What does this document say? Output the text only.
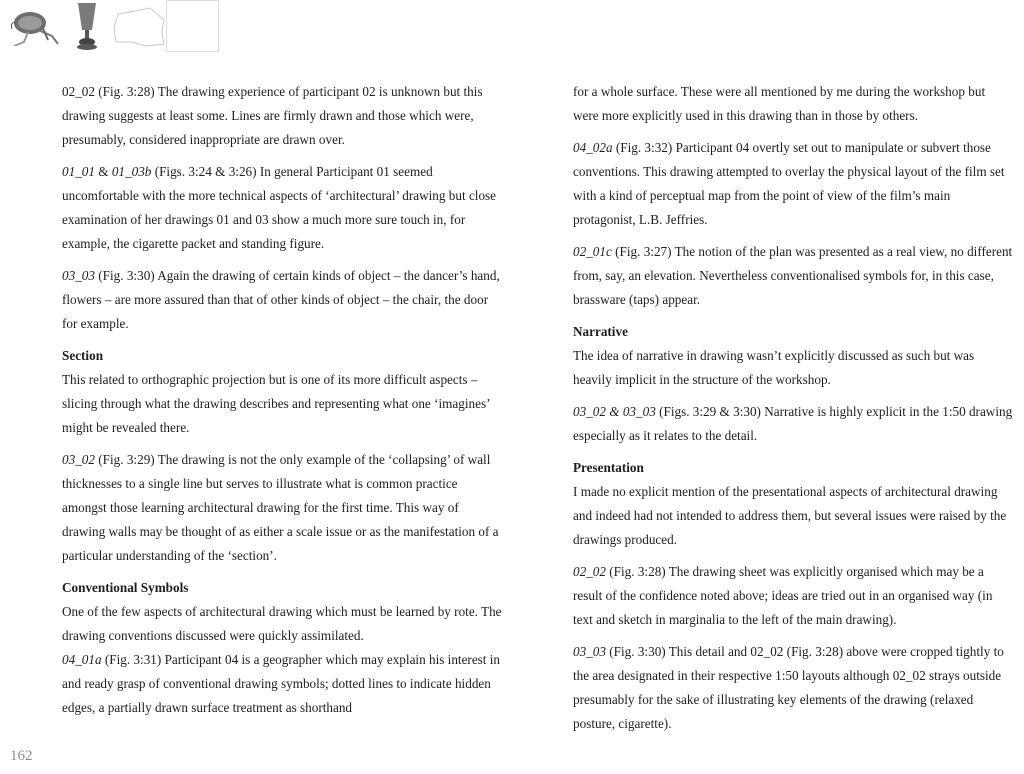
02_02 (Fig. 3:28) The drawing experience of participant 02 is unknown but this drawing suggests at least some. Lines are firmly drawn and those which were, presumably, considered inappropriate are drawn over.

01_01 & 01_03b (Figs. 3:24 & 3:26) In general Participant 01 seemed uncomfortable with the more technical aspects of ‘architectural’ drawing but close examination of her drawings 01 and 03 show a much more sure touch in, for example, the cigarette packet and standing figure.

03_03 (Fig. 3:30) Again the drawing of certain kinds of object – the dancer’s hand, flowers – are more assured than that of other kinds of object – the chair, the door for example.

Section

This related to orthographic projection but is one of its more difficult aspects – slicing through what the drawing describes and representing what one ‘imagines’ might be revealed there.

03_02 (Fig. 3:29) The drawing is not the only example of the ‘collapsing’ of wall thicknesses to a single line but serves to illustrate what is common practice amongst those learning architectural drawing for the first time. This way of drawing walls may be thought of as either a scale issue or as the manifestation of a particular understanding of the ‘section’.

Conventional Symbols

One of the few aspects of architectural drawing which must be learned by rote. The drawing conventions discussed were quickly assimilated.

04_01a (Fig. 3:31) Participant 04 is a geographer which may explain his interest in and ready grasp of conventional drawing symbols; dotted lines to indicate hidden edges, a partially drawn surface treatment as shorthand

for a whole surface. These were all mentioned by me during the workshop but were more explicitly used in this drawing than in those by others.

04_02a (Fig. 3:32) Participant 04 overtly set out to manipulate or subvert those conventions. This drawing attempted to overlay the physical layout of the film set with a kind of perceptual map from the point of view of the film’s main protagonist, L.B. Jeffries.

02_01c (Fig. 3:27) The notion of the plan was presented as a real view, no different from, say, an elevation. Nevertheless conventionalised symbols for, in this case, brassware (taps) appear.

Narrative

The idea of narrative in drawing wasn’t explicitly discussed as such but was heavily implicit in the structure of the workshop.

03_02 & 03_03 (Figs. 3:29 & 3:30) Narrative is highly explicit in the 1:50 drawing especially as it relates to the detail.

Presentation

I made no explicit mention of the presentational aspects of architectural drawing and indeed had not intended to address them, but several issues were raised by the drawings produced.

02_02 (Fig. 3:28) The drawing sheet was explicitly organised which may be a result of the confidence noted above; ideas are tried out in an organised way (in text and sketch in marginalia to the left of the main drawing).

03_03 (Fig. 3:30) This detail and 02_02 (Fig. 3:28) above were cropped tightly to the area designated in their respective 1:50 layouts although 02_02 strays outside presumably for the sake of illustrating key elements of the drawing (relaxed posture, cigarette).

162
